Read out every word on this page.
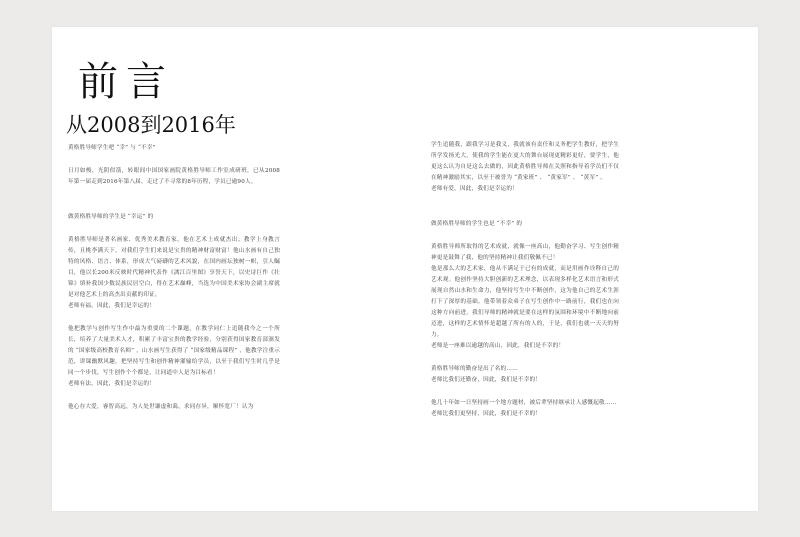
前言
从2008到2016年

黄格胜导师学生吧 “幸” 与 “不幸”

日月如梭，光阴似箭，转眼间中国国家画院黄格胜导师工作室成研班，已从2008年第一届走到2016年第八届，走过了不寻常的8年历程，学员已逾90人。

做黄格胜导师的学生是 “幸运” 的

黄格胜导师是著名画家、优秀美术教育家，他在艺术上成就杰出；教学上身教言传，且桃李满天下，对我们学生们来说是宝贵的精神财富财富！他山水画有自己独特的风格、语言、体系，形成大气磅礴的艺术风貌，在国内画坛独树一帜，引人瞩目，他以长200米反映时代精神代表作《漓江百里图》享誉天下，以史诗巨作《壮锦》填补我国少数民族民居空白，得在艺术巅峰，当选为中国美术家协会副主席就是对他艺术上的高杰出贡献的印证。

老师有福，因此，我们是幸运的！

他把教学与创作写生作中最为重要的二个课题，在教学同仁上追随我今之一个所长，培养了大量美术人才，积累了丰富宝贵的教学经验，分别获得国家教育部颁发的 “国家级高校教育名师” ，山水画写生获得了 “国家级精品课程” ，他教学注重示范，讲课幽默风趣，把坚持写生和创作精神灌输给学员，以至于我们写生时几乎是同一个步伐，写生创作个个都是，让同道中人是为目标看！

老师有法，因此，我们是幸运的！

他心存大爱，睿智高远，为人处世谦虚和蔼，求同存异，顺怀宽厂！认为

学生追随我，跟我学习是我义，我就该有责任和义务把学生教好，把学生所学发扬光大，使我的学生能在更大的舞台展现更精彩更好，要学生，他更这么认为自是这么去做的，因此黄格胜导师在关照和指导着学员们不仅在精神激励其实，以至于被誉为 “黄家班” 、 “黄家军” 、 “黄军” 。

老师有爱，因此，我们是幸运的！

做黄格胜导师的学生也是 “不幸” 的

黄格胜导师所取得的艺术成就，就像一座高山，他勤奋学习、写生创作精神更是鼓舞了我，他的坚持精神让我们敬佩不已！

他是那么大的艺术家，他从不满足于已有的成就，而是用画作诠释自己的艺术观。他创作坚持大胆创新的艺术理念，以表现多样化艺术语言和形式展现自然山水和生命力，他坚持写生中不断创作，这为他自己的艺术生涯打下了深厚的基础。他带领着众弟子在写生创作中一路前行，我们也在向这种方向前进，我们导师的精神就是要在这样的氛围和环境中不断地向前迈进，这样的艺术情怀是超越了所有的人的，于是，我们也就一天天的努力。

老师是一座难以逾越的高山，因此，我们是不幸的！

黄格胜导师的勤奋是出了名的……

老师比我们还勤奋，因此，我们是不幸的！

他几十年如一日坚持画一个地方题材，被后辈坚持继承让人感慨起敬……

老师比我们更坚持，因此，我们是不幸的！
